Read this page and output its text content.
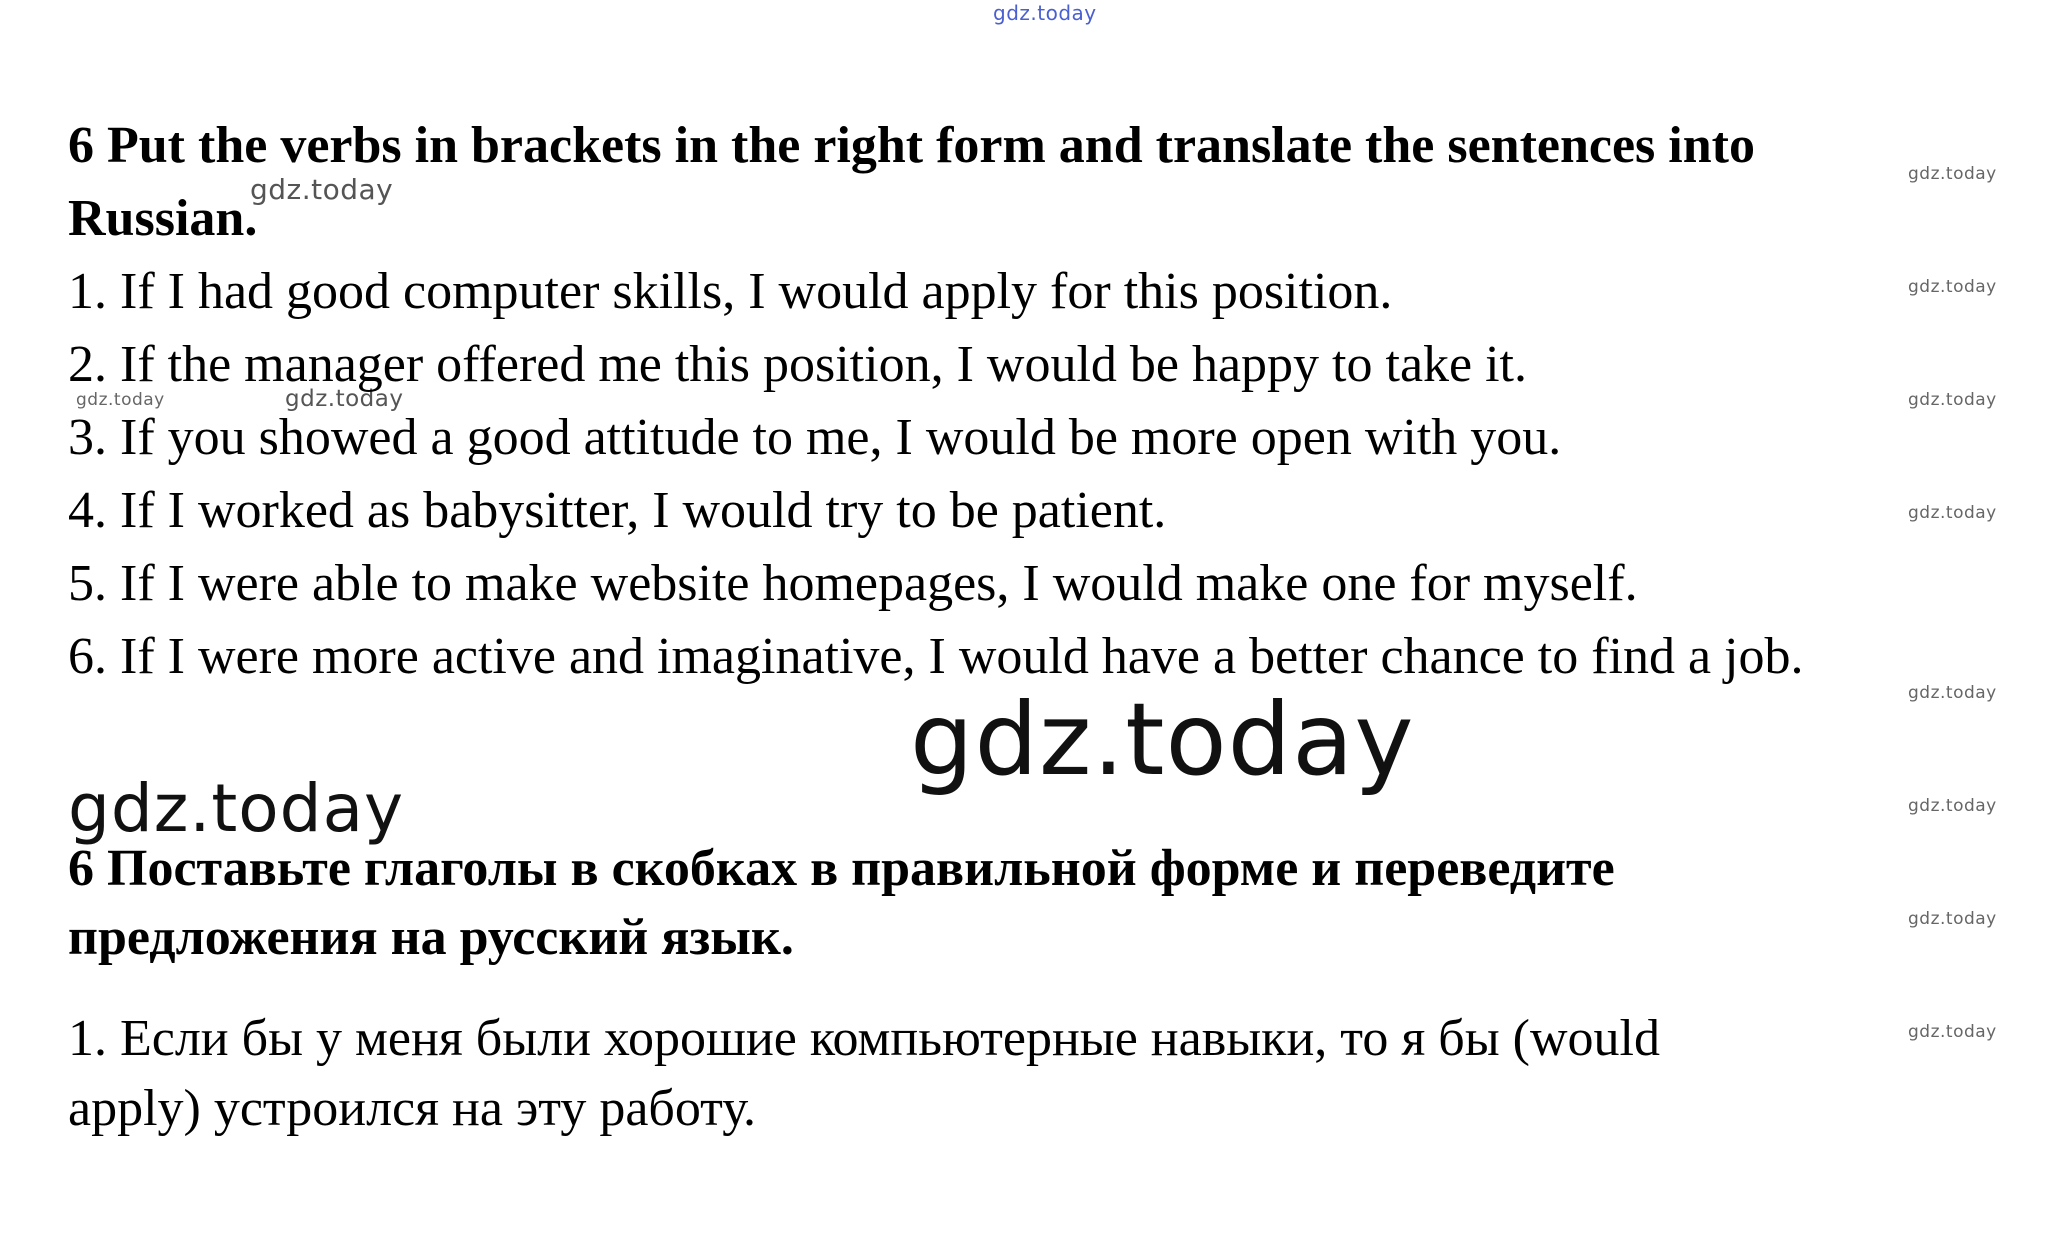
gdz.today
gdz.today
gdz.today
gdz.today
gdz.today
gdz.today
gdz.today
gdz.today
gdz.today
gdz.today
gdz.today
gdz.today
gdz.today
gdz.today
6 Put the verbs in brackets in the right form and translate the sentences into
Russian.
1. If I had good computer skills, I would apply for this position.
2. If the manager offered me this position, I would be happy to take it.
3. If you showed a good attitude to me, I would be more open with you.
4. If I worked as babysitter, I would try to be patient.
5. If I were able to make website homepages, I would make one for myself.
6. If I were more active and imaginative, I would have a better chance to find a job.
6 Поставьте глаголы в скобках в правильной форме и переведите
предложения на русский язык.
1. Если бы у меня были хорошие компьютерные навыки, то я бы (would
apply) устроился на эту работу.
